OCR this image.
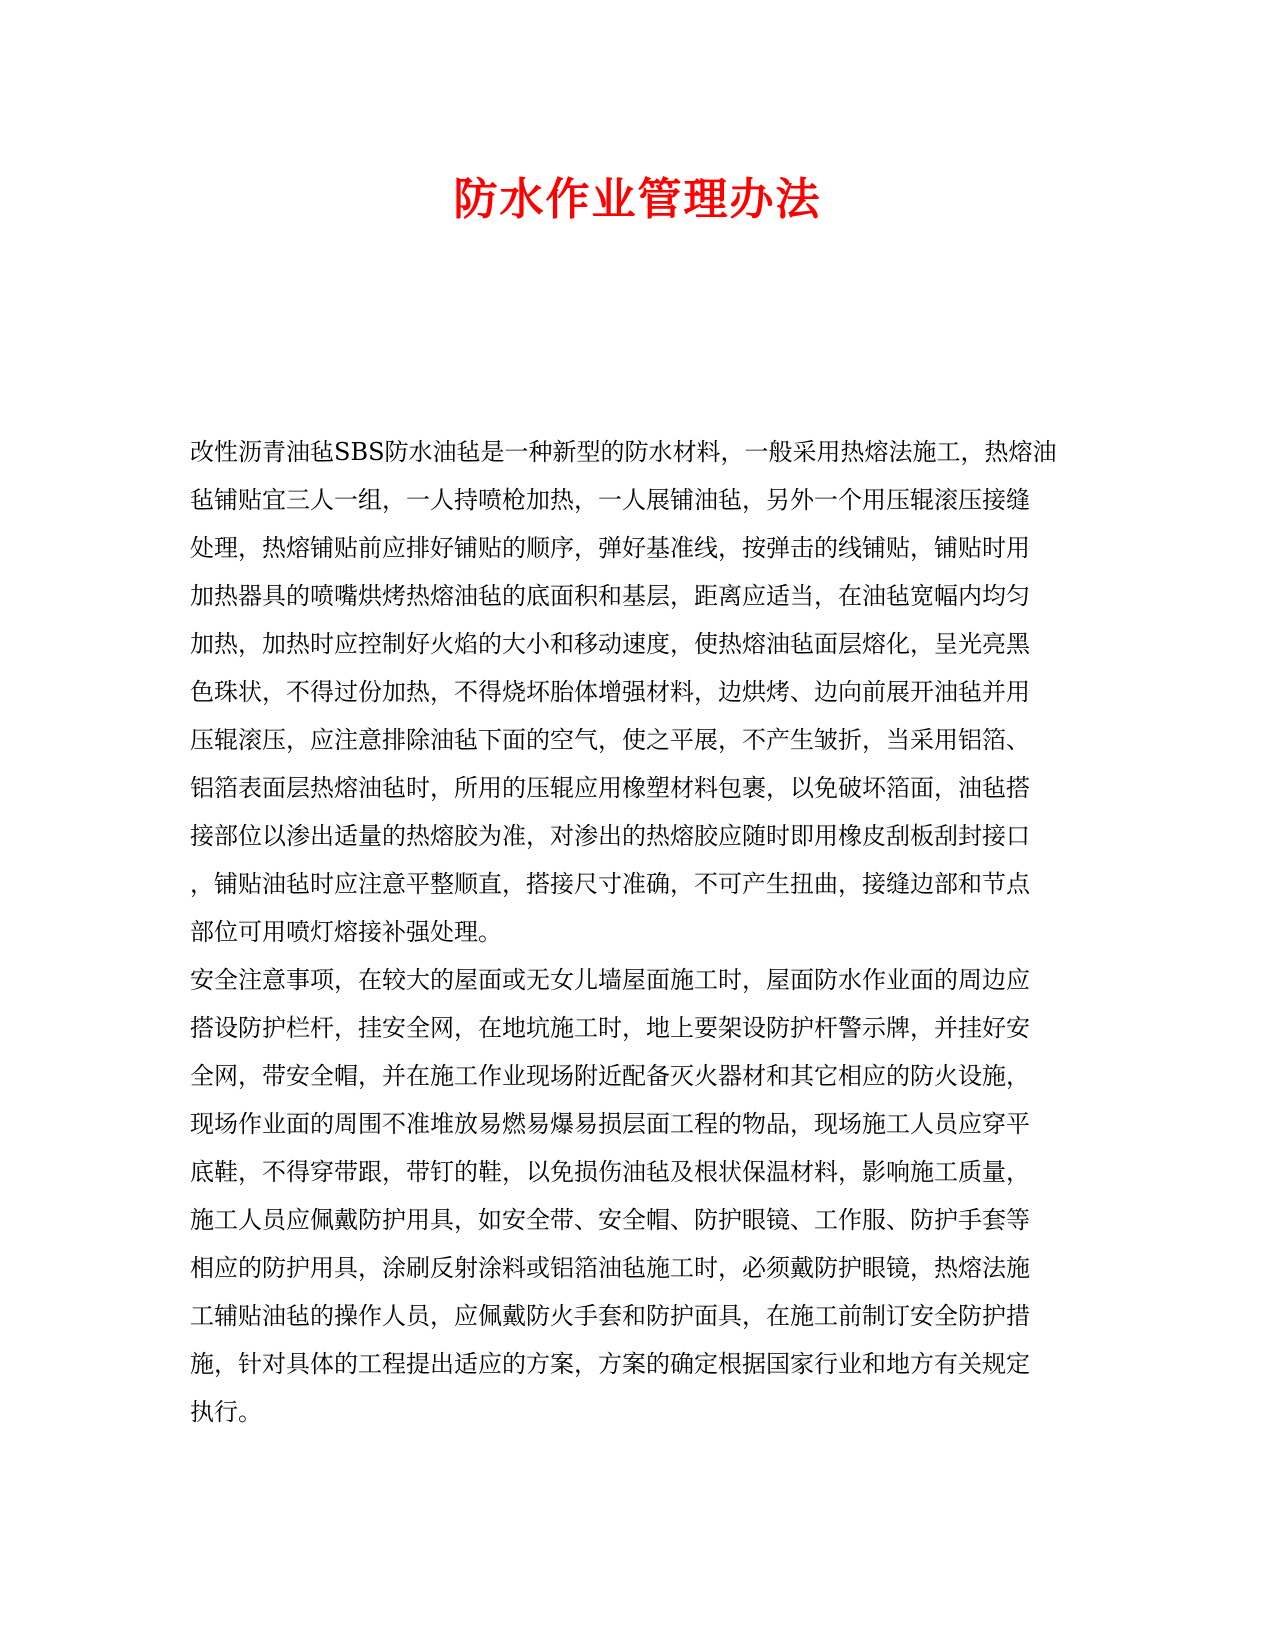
防水作业管理办法

改性沥青油毡SBS防水油毡是一种新型的防水材料，一般采用热熔法施工，热熔油
毡铺贴宜三人一组，一人持喷枪加热，一人展铺油毡，另外一个用压辊滚压接缝
处理，热熔铺贴前应排好铺贴的顺序，弹好基准线，按弹击的线铺贴，铺贴时用
加热器具的喷嘴烘烤热熔油毡的底面积和基层，距离应适当，在油毡宽幅内均匀
加热，加热时应控制好火焰的大小和移动速度，使热熔油毡面层熔化，呈光亮黑
色珠状，不得过份加热，不得烧坏胎体增强材料，边烘烤、边向前展开油毡并用
压辊滚压，应注意排除油毡下面的空气，使之平展，不产生皱折，当采用铝箔、
铝箔表面层热熔油毡时，所用的压辊应用橡塑材料包裹，以免破坏箔面，油毡搭
接部位以渗出适量的热熔胶为准，对渗出的热熔胶应随时即用橡皮刮板刮封接口
，铺贴油毡时应注意平整顺直，搭接尺寸准确，不可产生扭曲，接缝边部和节点
部位可用喷灯熔接补强处理。

安全注意事项，在较大的屋面或无女儿墙屋面施工时，屋面防水作业面的周边应
搭设防护栏杆，挂安全网，在地坑施工时，地上要架设防护杆警示牌，并挂好安
全网，带安全帽，并在施工作业现场附近配备灭火器材和其它相应的防火设施，
现场作业面的周围不准堆放易燃易爆易损层面工程的物品，现场施工人员应穿平
底鞋，不得穿带跟，带钉的鞋，以免损伤油毡及根状保温材料，影响施工质量，
施工人员应佩戴防护用具，如安全带、安全帽、防护眼镜、工作服、防护手套等
相应的防护用具，涂刷反射涂料或铝箔油毡施工时，必须戴防护眼镜，热熔法施
工辅贴油毡的操作人员，应佩戴防火手套和防护面具，在施工前制订安全防护措
施，针对具体的工程提出适应的方案，方案的确定根据国家行业和地方有关规定
执行。
